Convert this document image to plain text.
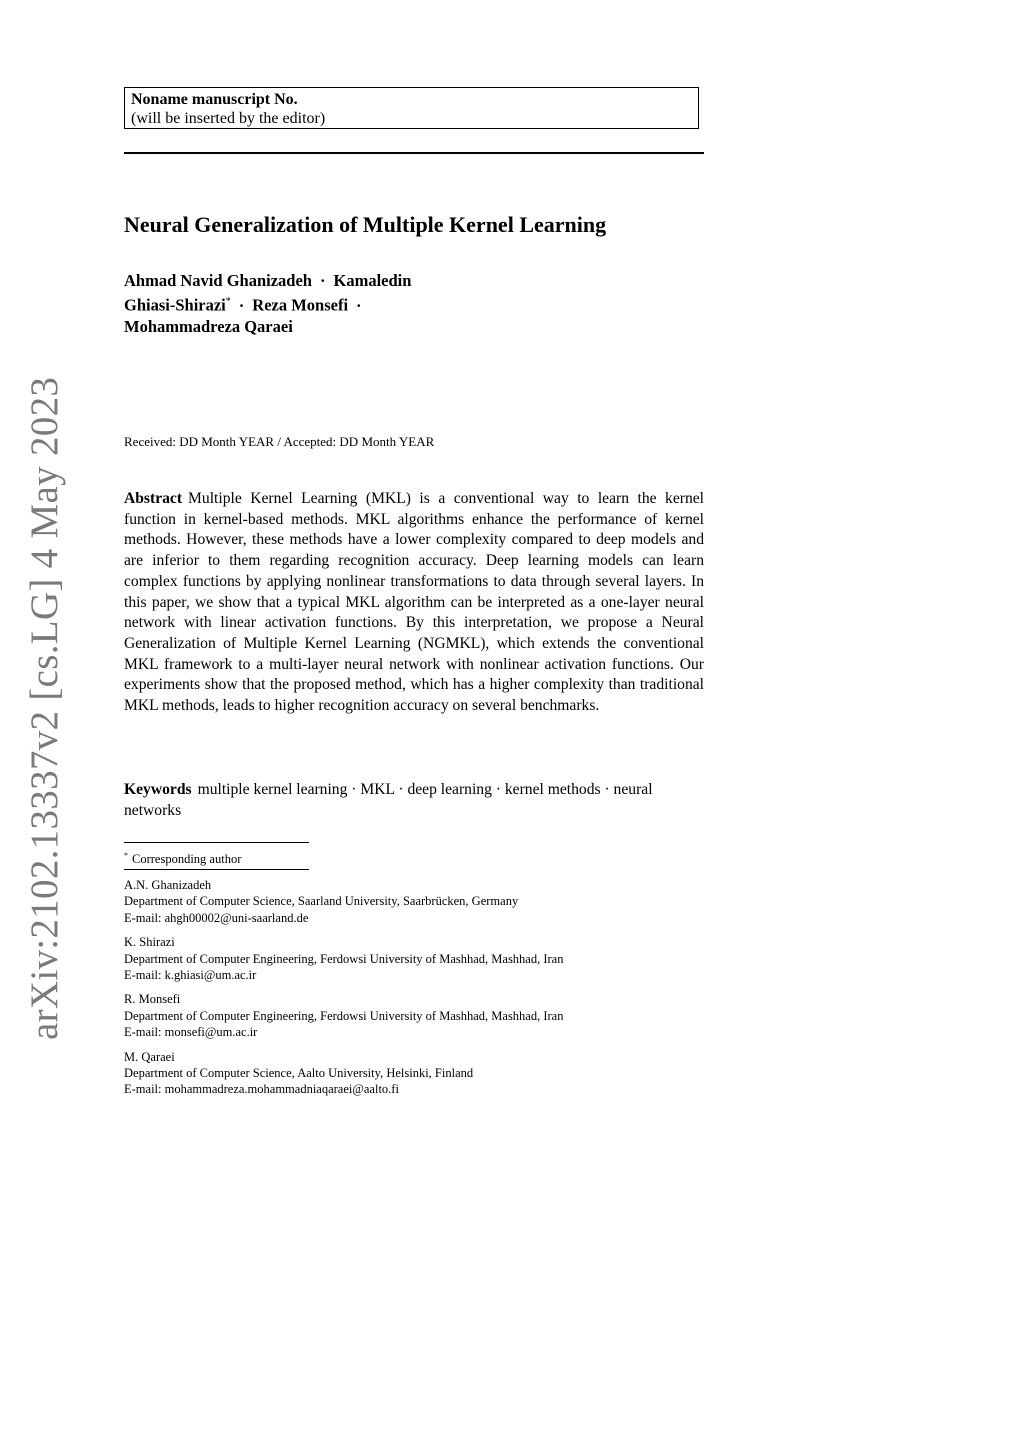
arXiv:2102.13337v2 [cs.LG] 4 May 2023
Noname manuscript No.
(will be inserted by the editor)
Neural Generalization of Multiple Kernel Learning
Ahmad Navid Ghanizadeh · Kamaledin
Ghiasi-Shirazi* · Reza Monsefi ·
Mohammadreza Qaraei
Received: DD Month YEAR / Accepted: DD Month YEAR

Abstract Multiple Kernel Learning (MKL) is a conventional way to learn the kernel function in kernel-based methods. MKL algorithms enhance the performance of kernel methods. However, these methods have a lower complexity compared to deep models and are inferior to them regarding recognition accuracy. Deep learning models can learn complex functions by applying nonlinear transformations to data through several layers. In this paper, we show that a typical MKL algorithm can be interpreted as a one-layer neural network with linear activation functions. By this interpretation, we propose a Neural Generalization of Multiple Kernel Learning (NGMKL), which extends the conventional MKL framework to a multi-layer neural network with nonlinear activation functions. Our experiments show that the proposed method, which has a higher complexity than traditional MKL methods, leads to higher recognition accuracy on several benchmarks.

Keywords multiple kernel learning · MKL · deep learning · kernel methods · neural networks

* Corresponding author
A.N. Ghanizadeh
Department of Computer Science, Saarland University, Saarbrücken, Germany
E-mail: ahgh00002@uni-saarland.de
K. Shirazi
Department of Computer Engineering, Ferdowsi University of Mashhad, Mashhad, Iran
E-mail: k.ghiasi@um.ac.ir
R. Monsefi
Department of Computer Engineering, Ferdowsi University of Mashhad, Mashhad, Iran
E-mail: monsefi@um.ac.ir
M. Qaraei
Department of Computer Science, Aalto University, Helsinki, Finland
E-mail: mohammadreza.mohammadniaqaraei@aalto.fi
